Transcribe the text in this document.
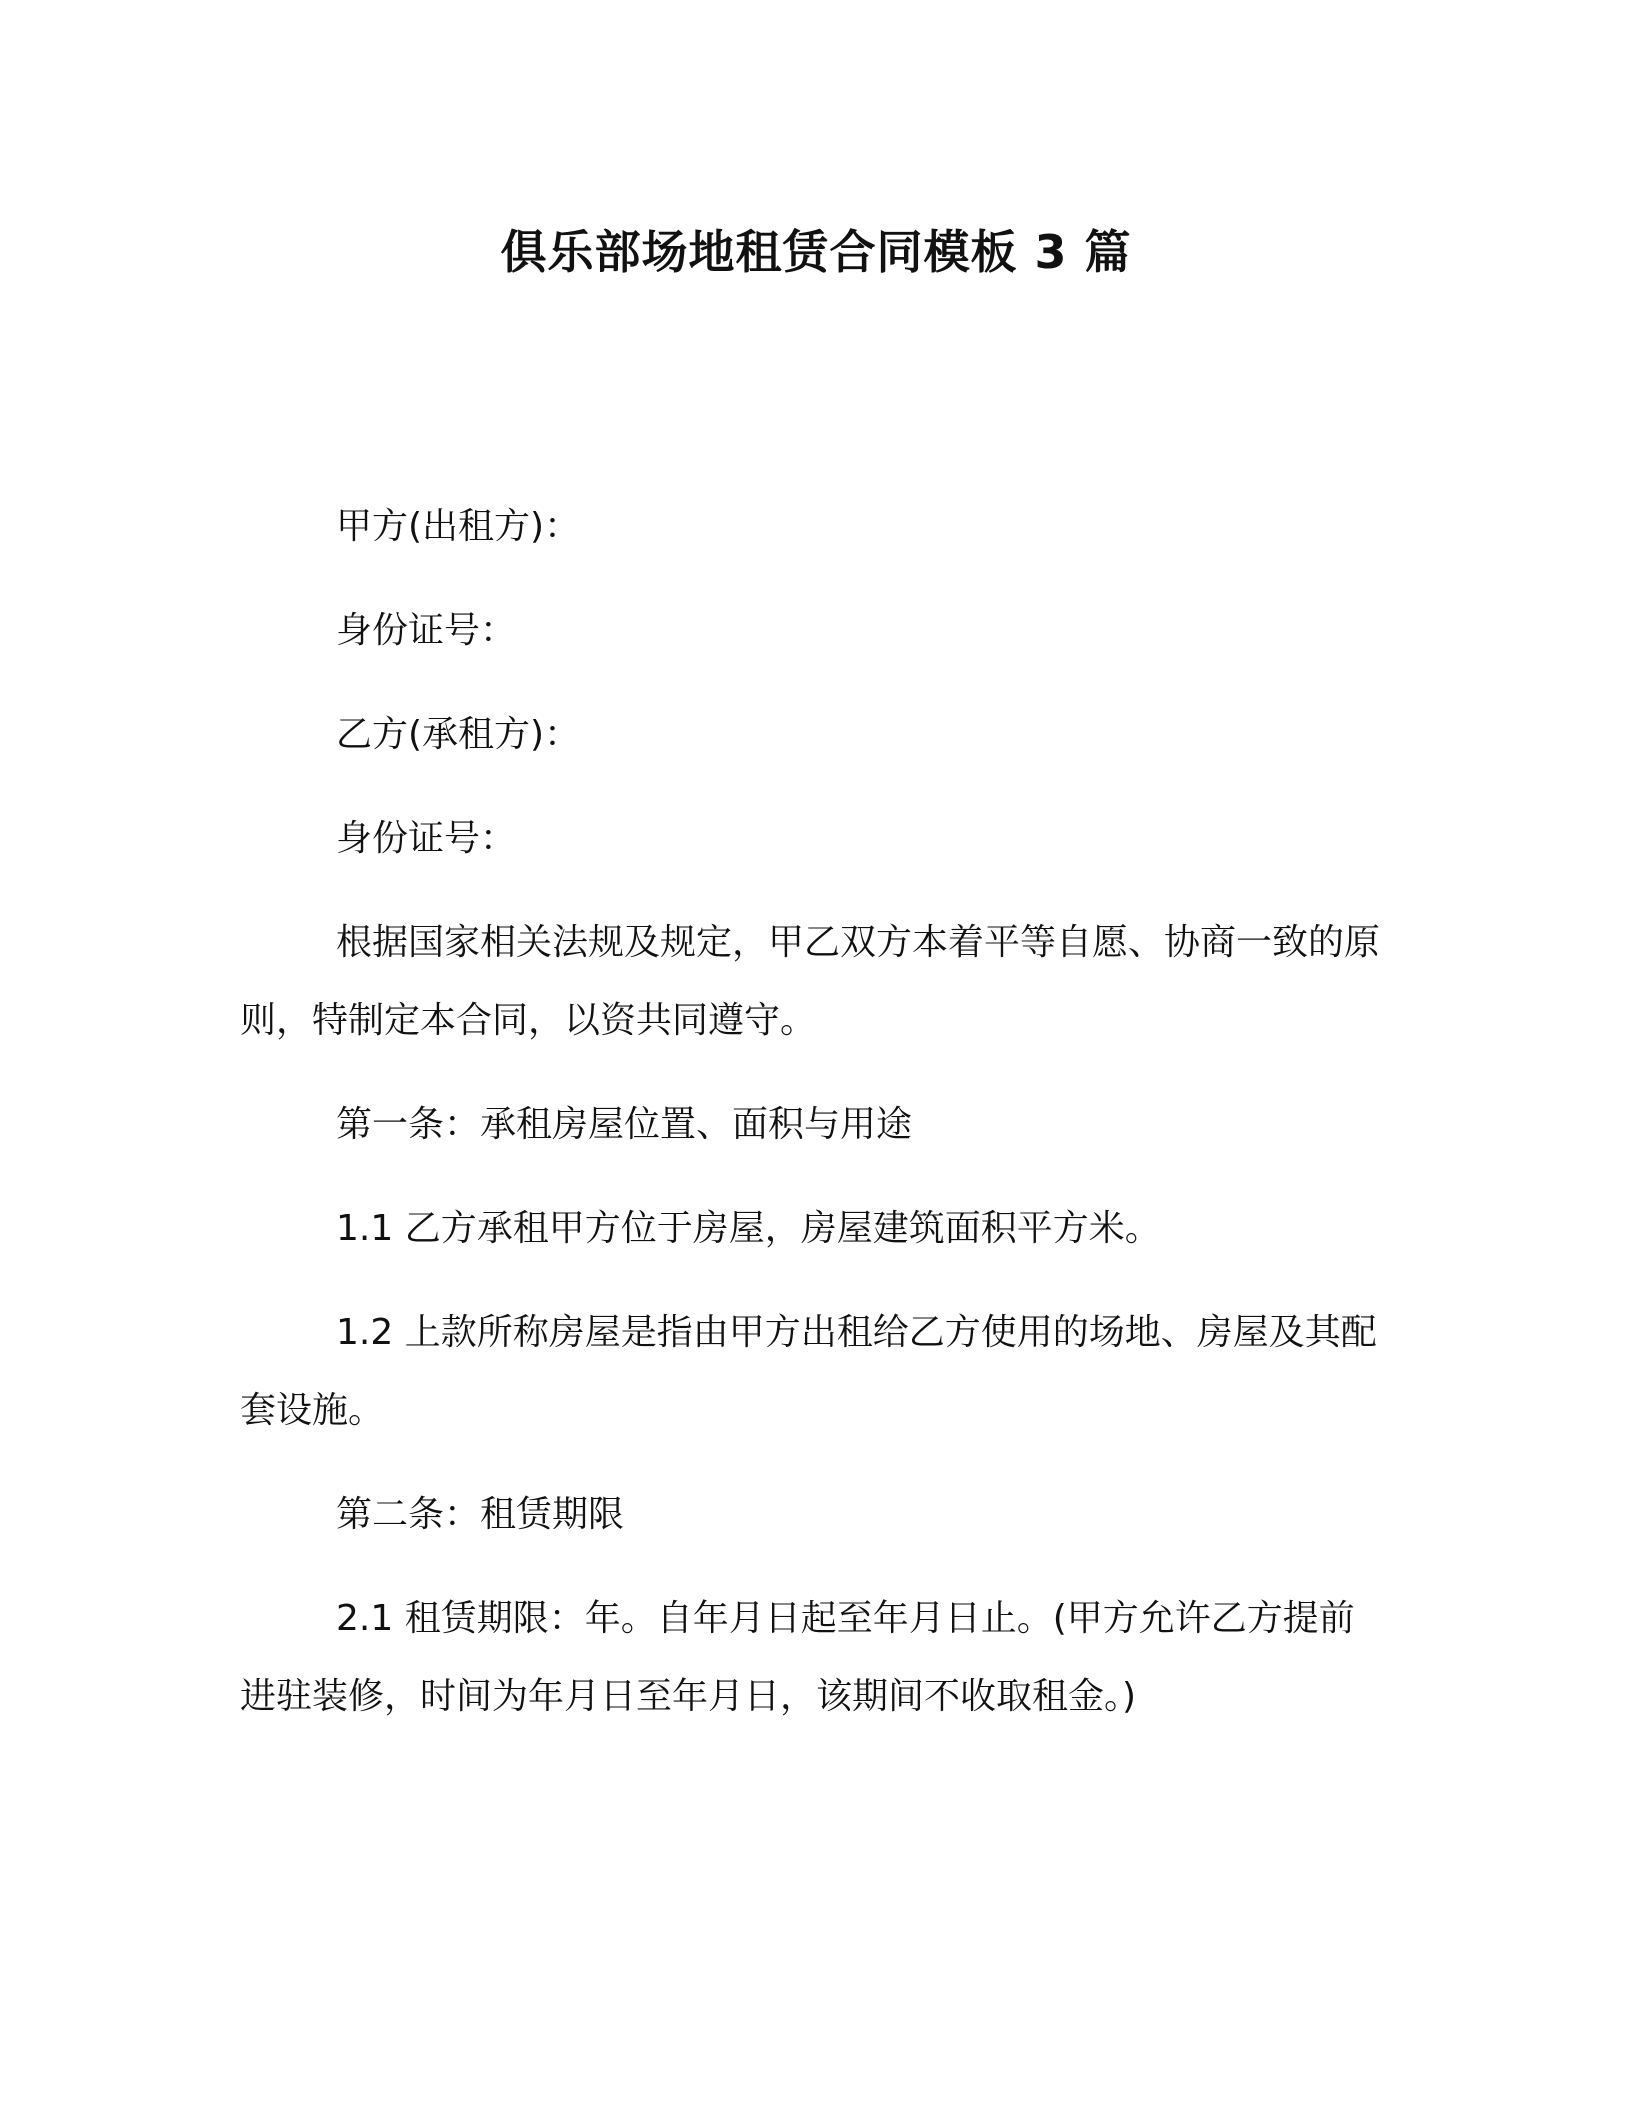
俱乐部场地租赁合同模板 3 篇

甲方(出租方)：

身份证号：

乙方(承租方)：

身份证号：

根据国家相关法规及规定，甲乙双方本着平等自愿、协商一致的原则，特制定本合同，以资共同遵守。

第一条：承租房屋位置、面积与用途

1.1 乙方承租甲方位于房屋，房屋建筑面积平方米。

1.2 上款所称房屋是指由甲方出租给乙方使用的场地、房屋及其配套设施。

第二条：租赁期限

2.1 租赁期限：年。自年月日起至年月日止。(甲方允许乙方提前进驻装修，时间为年月日至年月日，该期间不收取租金。)
